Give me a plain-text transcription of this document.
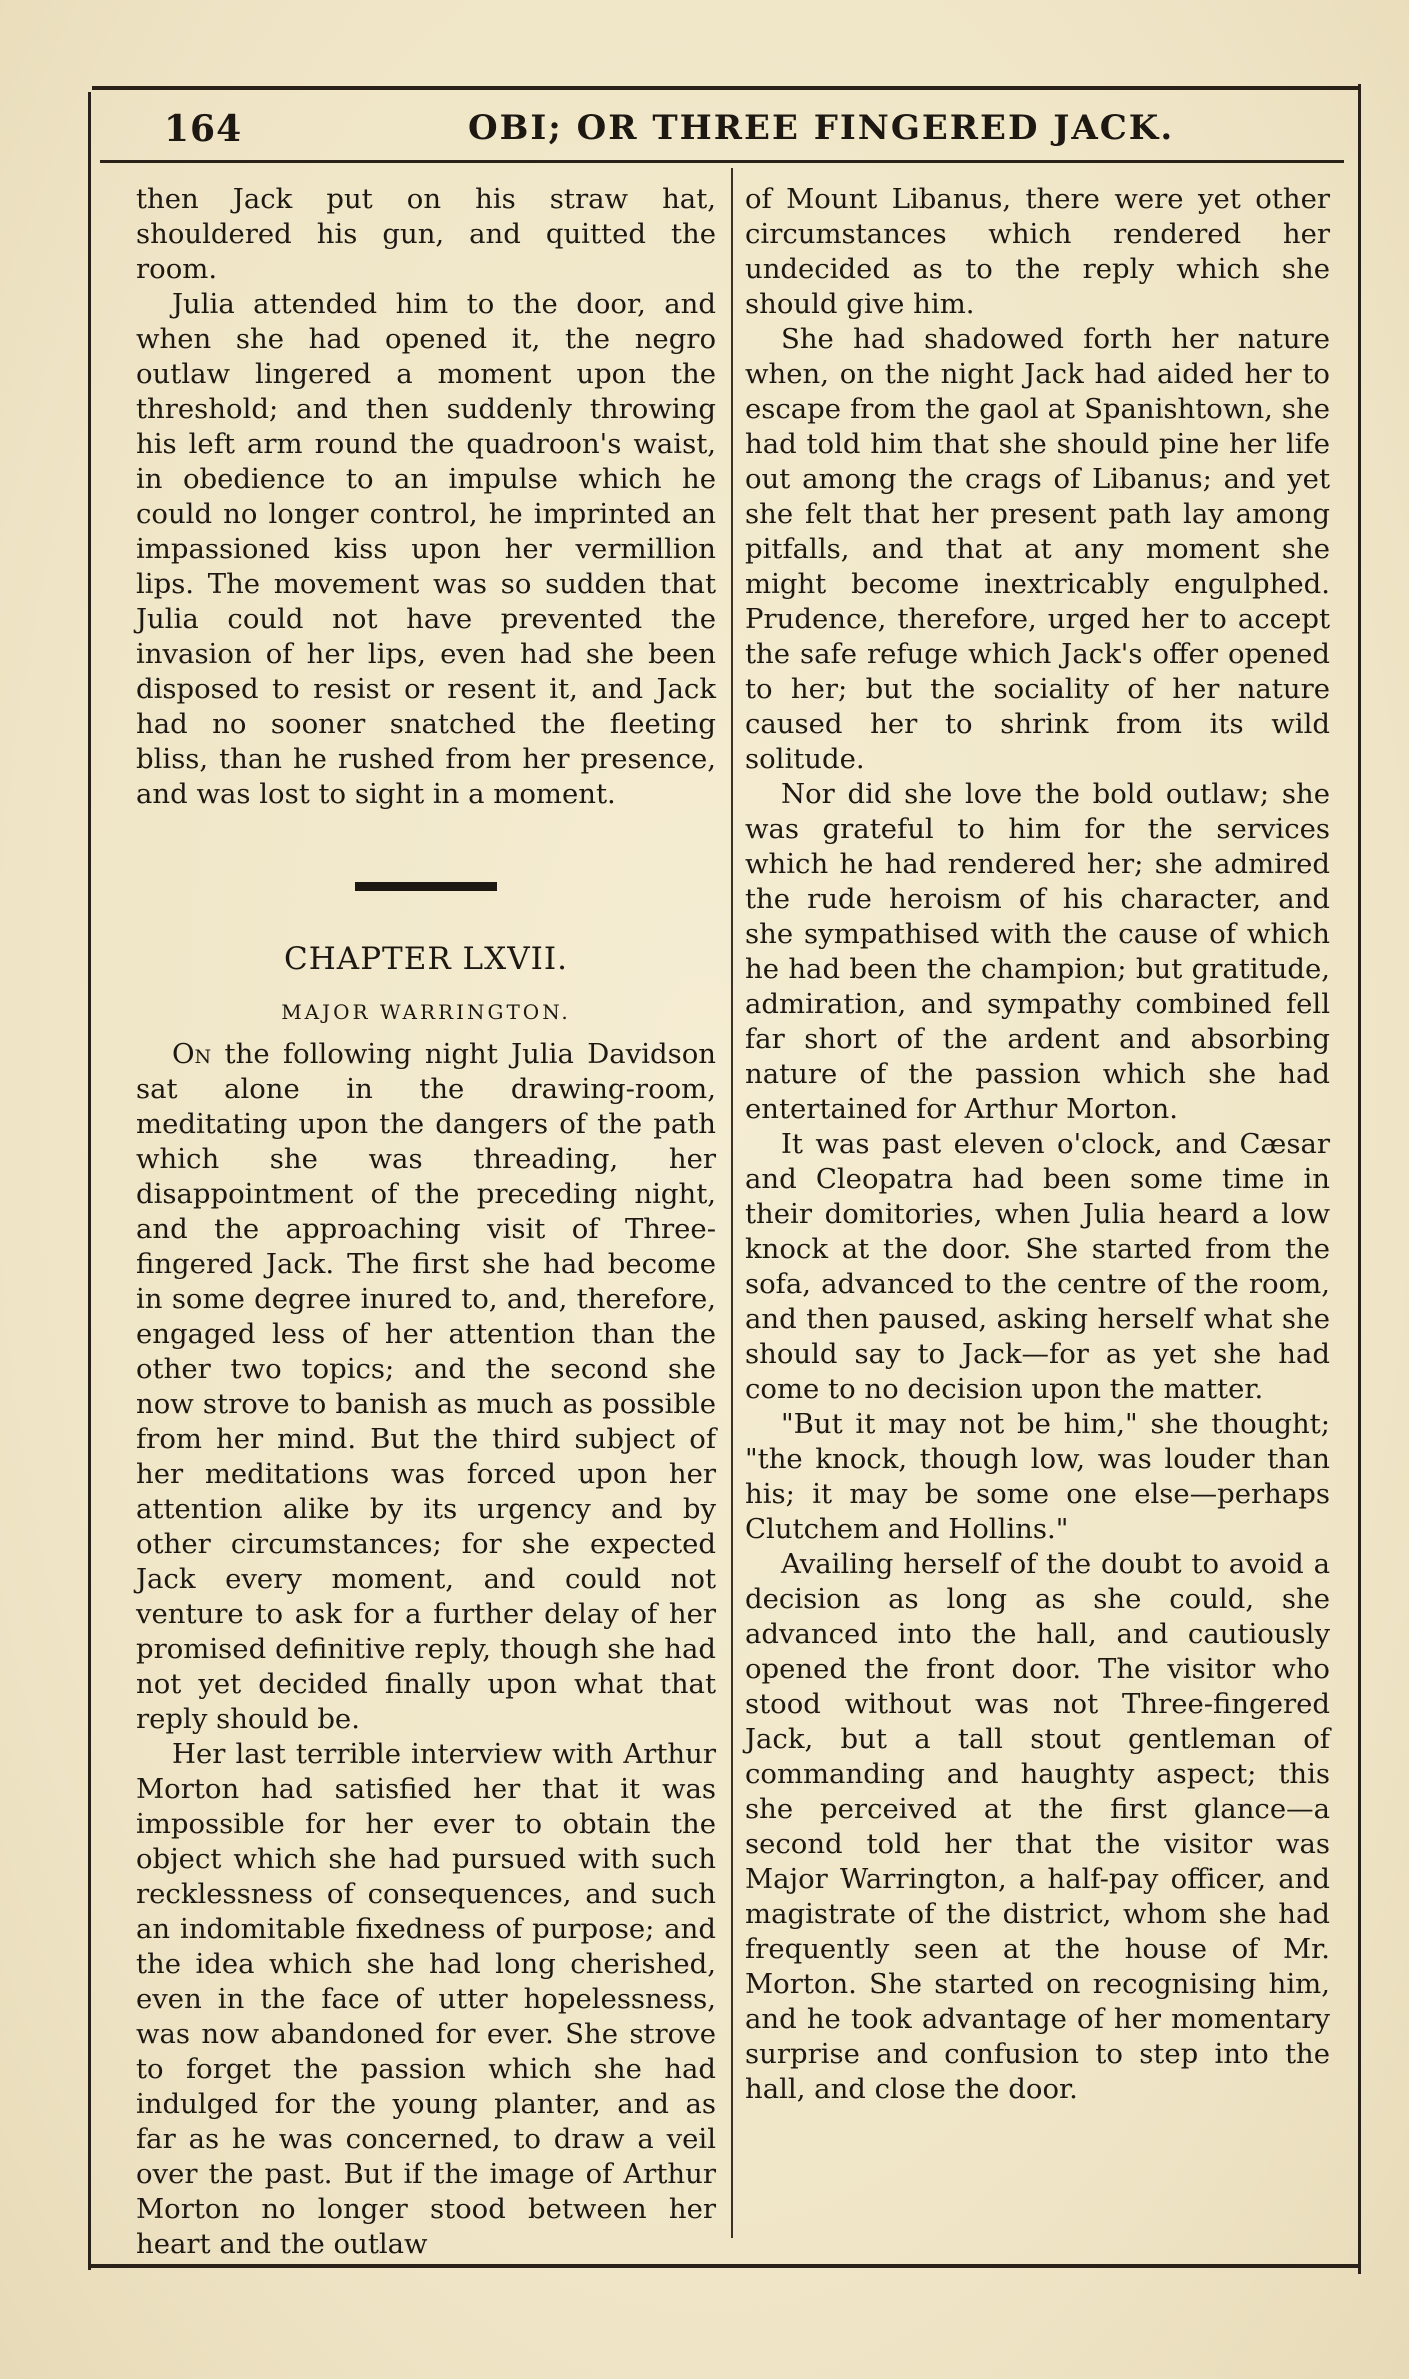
164	OBI; OR THREE FINGERED JACK.

then Jack put on his straw hat, shouldered his gun, and quitted the room.

Julia attended him to the door, and when she had opened it, the negro outlaw lingered a moment upon the threshold; and then suddenly throwing his left arm round the quadroon's waist, in obedience to an impulse which he could no longer control, he imprinted an impassioned kiss upon her vermillion lips. The movement was so sudden that Julia could not have prevented the invasion of her lips, even had she been disposed to resist or resent it, and Jack had no sooner snatched the fleeting bliss, than he rushed from her presence, and was lost to sight in a moment.

CHAPTER LXVII.
MAJOR WARRINGTON.

On the following night Julia Davidson sat alone in the drawing-room, meditating upon the dangers of the path which she was threading, her disappointment of the preceding night, and the approaching visit of Three-fingered Jack. The first she had become in some degree inured to, and, therefore, engaged less of her attention than the other two topics; and the second she now strove to banish as much as possible from her mind. But the third subject of her meditations was forced upon her attention alike by its urgency and by other circumstances; for she expected Jack every moment, and could not venture to ask for a further delay of her promised definitive reply, though she had not yet decided finally upon what that reply should be.

Her last terrible interview with Arthur Morton had satisfied her that it was impossible for her ever to obtain the object which she had pursued with such recklessness of consequences, and such an indomitable fixedness of purpose; and the idea which she had long cherished, even in the face of utter hopelessness, was now abandoned for ever. She strove to forget the passion which she had indulged for the young planter, and as far as he was concerned, to draw a veil over the past. But if the image of Arthur Morton no longer stood between her heart and the outlaw

of Mount Libanus, there were yet other circumstances which rendered her undecided as to the reply which she should give him.

She had shadowed forth her nature when, on the night Jack had aided her to escape from the gaol at Spanishtown, she had told him that she should pine her life out among the crags of Libanus; and yet she felt that her present path lay among pitfalls, and that at any moment she might become inextricably engulphed. Prudence, therefore, urged her to accept the safe refuge which Jack's offer opened to her; but the sociality of her nature caused her to shrink from its wild solitude.

Nor did she love the bold outlaw; she was grateful to him for the services which he had rendered her; she admired the rude heroism of his character, and she sympathised with the cause of which he had been the champion; but gratitude, admiration, and sympathy combined fell far short of the ardent and absorbing nature of the passion which she had entertained for Arthur Morton.

It was past eleven o'clock, and Cæsar and Cleopatra had been some time in their domitories, when Julia heard a low knock at the door. She started from the sofa, advanced to the centre of the room, and then paused, asking herself what she should say to Jack—for as yet she had come to no decision upon the matter.

"But it may not be him," she thought; "the knock, though low, was louder than his; it may be some one else—perhaps Clutchem and Hollins."

Availing herself of the doubt to avoid a decision as long as she could, she advanced into the hall, and cautiously opened the front door. The visitor who stood without was not Three-fingered Jack, but a tall stout gentleman of commanding and haughty aspect; this she perceived at the first glance—a second told her that the visitor was Major Warrington, a half-pay officer, and magistrate of the district, whom she had frequently seen at the house of Mr. Morton. She started on recognising him, and he took advantage of her momentary surprise and confusion to step into the hall, and close the door.
